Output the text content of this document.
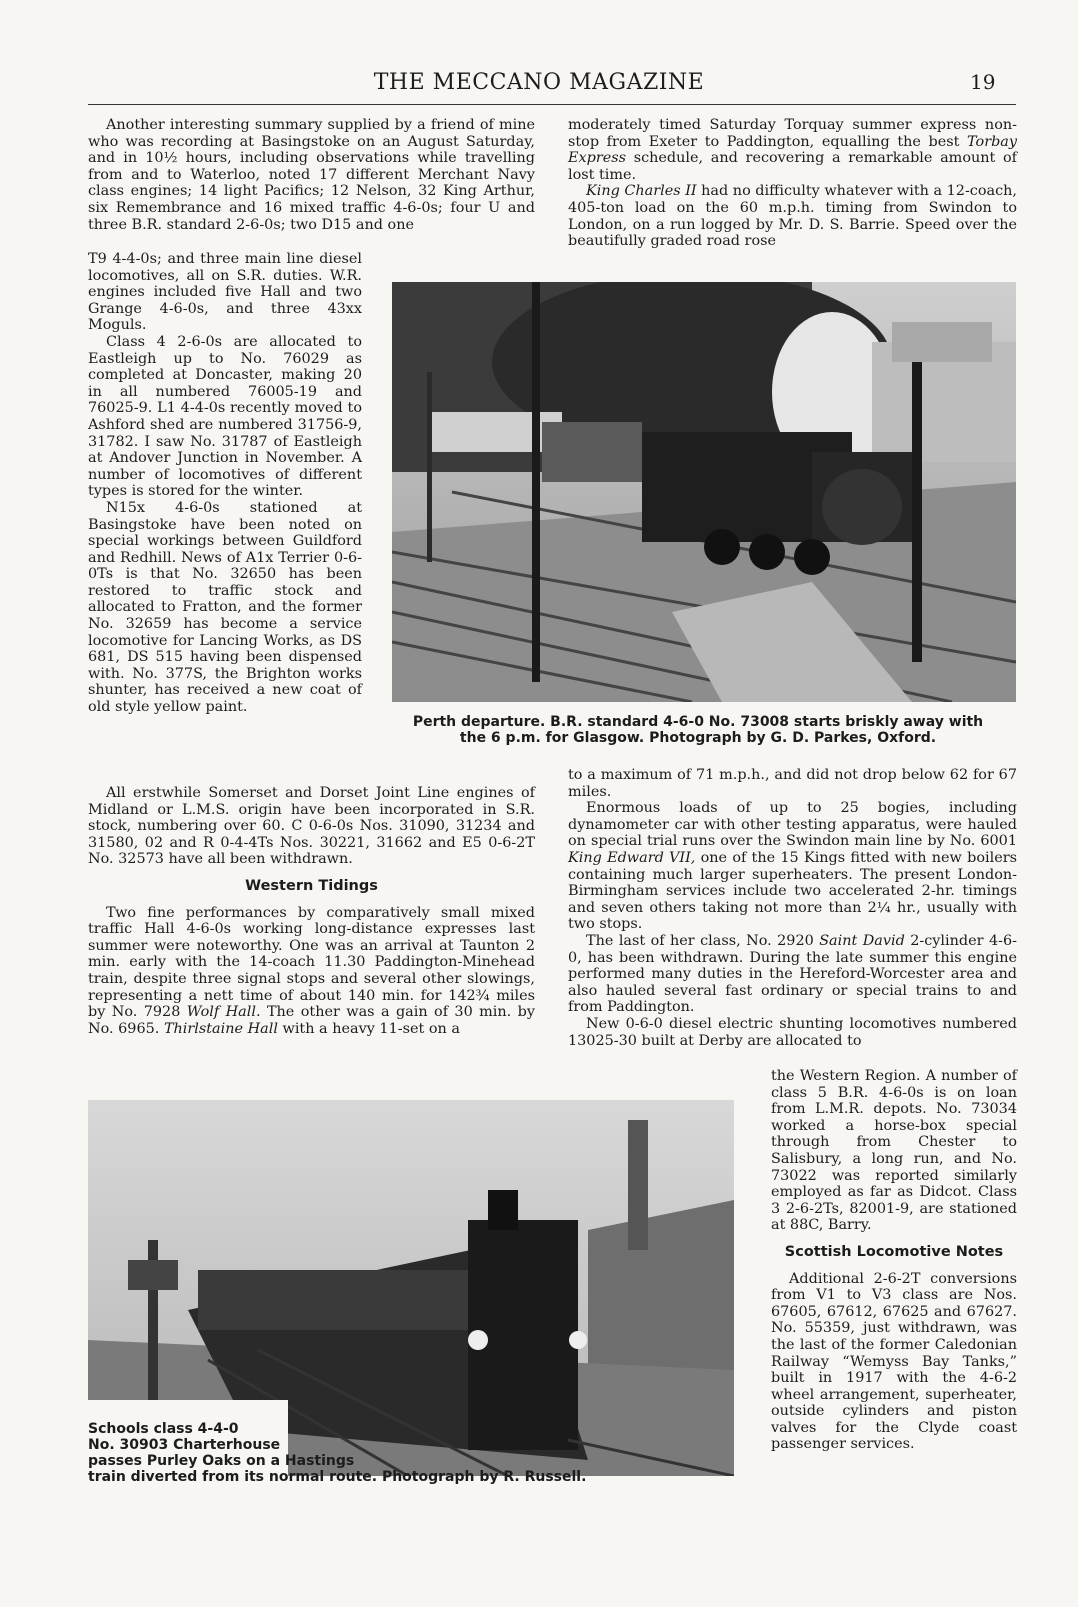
THE MECCANO MAGAZINE	19

Another interesting summary supplied by a friend of mine who was recording at Basingstoke on an August Saturday, and in 10½ hours, including observations while travelling from and to Waterloo, noted 17 different Merchant Navy class engines; 14 light Pacifics; 12 Nelson, 32 King Arthur, six Remembrance and 16 mixed traffic 4-6-0s; four U and three B.R. standard 2-6-0s; two D15 and one

T9 4-4-0s; and three main line diesel locomotives, all on S.R. duties. W.R. engines included five Hall and two Grange 4-6-0s, and three 43xx Moguls.

Class 4 2-6-0s are allocated to Eastleigh up to No. 76029 as completed at Doncaster, making 20 in all numbered 76005-19 and 76025-9. L1 4-4-0s recently moved to Ashford shed are numbered 31756-9, 31782. I saw No. 31787 of Eastleigh at Andover Junction in November. A number of locomotives of different types is stored for the winter.

N15x 4-6-0s stationed at Basingstoke have been noted on special workings between Guildford and Redhill. News of A1x Terrier 0-6-0Ts is that No. 32650 has been restored to traffic stock and allocated to Fratton, and the former No. 32659 has become a service locomotive for Lancing Works, as DS 681, DS 515 having been dispensed with. No. 377S, the Brighton works shunter, has received a new coat of old style yellow paint.

All erstwhile Somerset and Dorset Joint Line engines of Midland or L.M.S. origin have been incorporated in S.R. stock, numbering over 60. C 0-6-0s Nos. 31090, 31234 and 31580, 02 and R 0-4-4Ts Nos. 30221, 31662 and E5 0-6-2T No. 32573 have all been withdrawn.

Western Tidings

Two fine performances by comparatively small mixed traffic Hall 4-6-0s working long-distance expresses last summer were noteworthy. One was an arrival at Taunton 2 min. early with the 14-coach 11.30 Paddington-Minehead train, despite three signal stops and several other slowings, representing a nett time of about 140 min. for 142¾ miles by No. 7928 Wolf Hall. The other was a gain of 30 min. by No. 6965. Thirlstaine Hall with a heavy 11-set on a

moderately timed Saturday Torquay summer express non-stop from Exeter to Paddington, equalling the best Torbay Express schedule, and recovering a remarkable amount of lost time.

King Charles II had no difficulty whatever with a 12-coach, 405-ton load on the 60 m.p.h. timing from Swindon to London, on a run logged by Mr. D. S. Barrie. Speed over the beautifully graded road rose

Perth departure. B.R. standard 4-6-0 No. 73008 starts briskly away with
the 6 p.m. for Glasgow. Photograph by G. D. Parkes, Oxford.

to a maximum of 71 m.p.h., and did not drop below 62 for 67 miles.

Enormous loads of up to 25 bogies, including dynamometer car with other testing apparatus, were hauled on special trial runs over the Swindon main line by No. 6001 King Edward VII, one of the 15 Kings fitted with new boilers containing much larger superheaters. The present London-Birmingham services include two accelerated 2-hr. timings and seven others taking not more than 2¼ hr., usually with two stops.

The last of her class, No. 2920 Saint David 2-cylinder 4-6-0, has been withdrawn. During the late summer this engine performed many duties in the Hereford-Worcester area and also hauled several fast ordinary or special trains to and from Paddington.

New 0-6-0 diesel electric shunting locomotives numbered 13025-30 built at Derby are allocated to

the Western Region. A number of class 5 B.R. 4-6-0s is on loan from L.M.R. depots. No. 73034 worked a horse-box special through from Chester to Salisbury, a long run, and No. 73022 was reported similarly employed as far as Didcot. Class 3 2-6-2Ts, 82001-9, are stationed at 88C, Barry.

Scottish Locomotive Notes

Additional 2-6-2T conversions from V1 to V3 class are Nos. 67605, 67612, 67625 and 67627. No. 55359, just withdrawn, was the last of the former Caledonian Railway “Wemyss Bay Tanks,” built in 1917 with the 4-6-2 wheel arrangement, superheater, outside cylinders and piston valves for the Clyde coast passenger services.

Schools class 4-4-0
No. 30903 Charterhouse
passes Purley Oaks on a Hastings
train diverted from its normal route. Photograph by R. Russell.
